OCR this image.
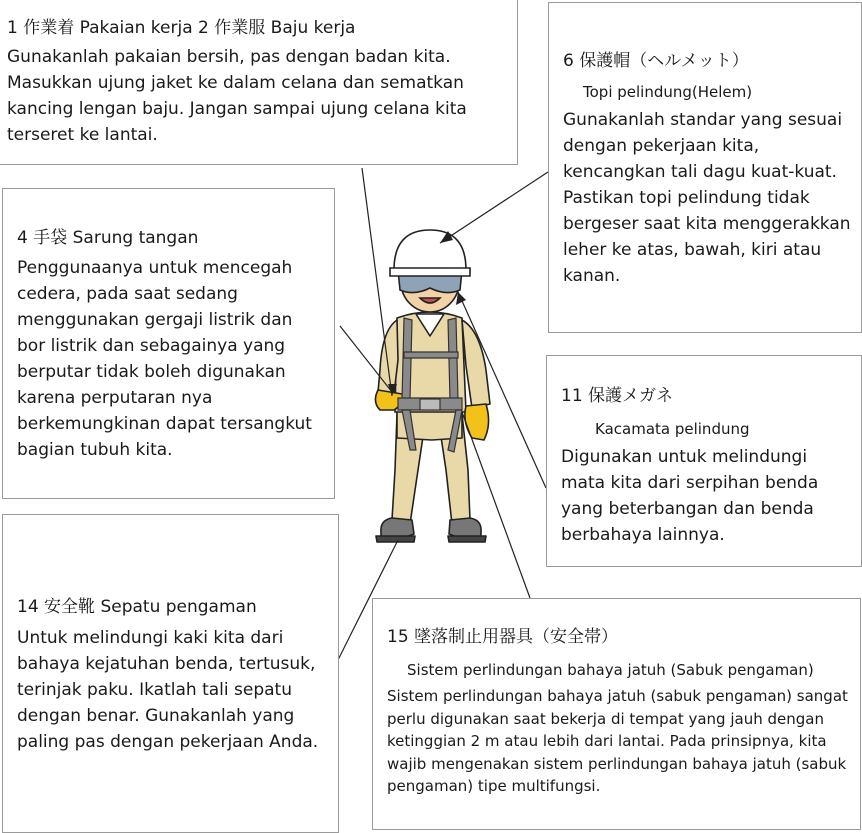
1 作業着 Pakaian kerja 2 作業服 Baju kerja
Gunakanlah pakaian bersih, pas dengan badan kita. Masukkan ujung jaket ke dalam celana dan sematkan kancing lengan baju. Jangan sampai ujung celana kita terseret ke lantai.
6 保護帽（ヘルメット）
Topi pelindung(Helem)
Gunakanlah standar yang sesuai dengan pekerjaan kita, kencangkan tali dagu kuat-kuat. Pastikan topi pelindung tidak bergeser saat kita menggerakkan leher ke atas, bawah, kiri atau kanan.
4 手袋 Sarung tangan
Penggunaanya untuk mencegah cedera, pada saat sedang menggunakan gergaji listrik dan bor listrik dan sebagainya yang berputar tidak boleh digunakan karena perputaran nya berkemungkinan dapat tersangkut bagian tubuh kita.
11 保護メガネ
Kacamata pelindung
Digunakan untuk melindungi mata kita dari serpihan benda yang beterbangan dan benda berbahaya lainnya.
14 安全靴 Sepatu pengaman
Untuk melindungi kaki kita dari bahaya kejatuhan benda, tertusuk, terinjak paku. Ikatlah tali sepatu dengan benar. Gunakanlah yang paling pas dengan pekerjaan Anda.
15 墜落制止用器具（安全帯）
Sistem perlindungan bahaya jatuh (Sabuk pengaman)
Sistem perlindungan bahaya jatuh (sabuk pengaman) sangat perlu digunakan saat bekerja di tempat yang jauh dengan ketinggian 2 m atau lebih dari lantai. Pada prinsipnya, kita wajib mengenakan sistem perlindungan bahaya jatuh (sabuk pengaman) tipe multifungsi.
